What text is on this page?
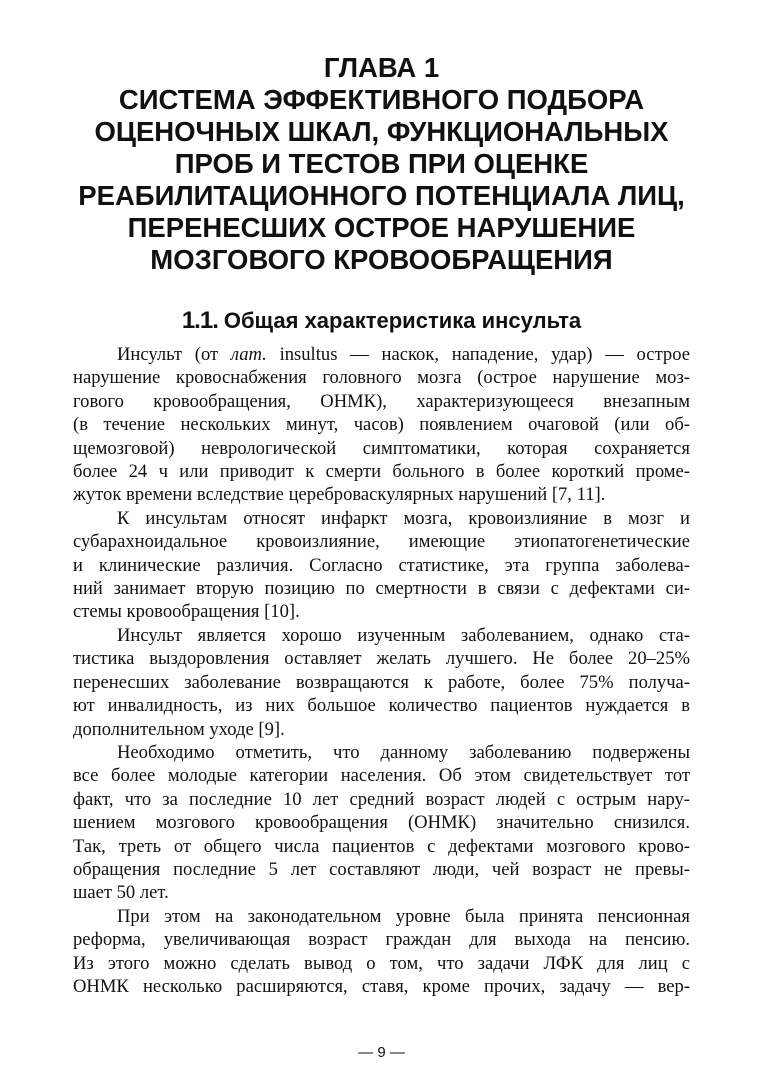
ГЛАВА 1
СИСТЕМА ЭФФЕКТИВНОГО ПОДБОРА
ОЦЕНОЧНЫХ ШКАЛ, ФУНКЦИОНАЛЬНЫХ
ПРОБ И ТЕСТОВ ПРИ ОЦЕНКЕ
РЕАБИЛИТАЦИОННОГО ПОТЕНЦИАЛА ЛИЦ,
ПЕРЕНЕСШИХ ОСТРОЕ НАРУШЕНИЕ
МОЗГОВОГО КРОВООБРАЩЕНИЯ
1.1. Общая характеристика инсульта
Инсульт (от лат. insultus — наскок, нападение, удар) — острое
нарушение кровоснабжения головного мозга (острое нарушение моз-
гового кровообращения, ОНМК), характеризующееся внезапным
(в течение нескольких минут, часов) появлением очаговой (или об-
щемозговой) неврологической симптоматики, которая сохраняется
более 24 ч или приводит к смерти больного в более короткий проме-
жуток времени вследствие цереброваскулярных нарушений [7, 11].
К инсультам относят инфаркт мозга, кровоизлияние в мозг и
субарахноидальное кровоизлияние, имеющие этиопатогенетические
и клинические различия. Согласно статистике, эта группа заболева-
ний занимает вторую позицию по смертности в связи с дефектами си-
стемы кровообращения [10].
Инсульт является хорошо изученным заболеванием, однако ста-
тистика выздоровления оставляет желать лучшего. Не более 20–25%
перенесших заболевание возвращаются к работе, более 75% получа-
ют инвалидность, из них большое количество пациентов нуждается в
дополнительном уходе [9].
Необходимо отметить, что данному заболеванию подвержены
все более молодые категории населения. Об этом свидетельствует тот
факт, что за последние 10 лет средний возраст людей с острым нару-
шением мозгового кровообращения (ОНМК) значительно снизился.
Так, треть от общего числа пациентов с дефектами мозгового крово-
обращения последние 5 лет составляют люди, чей возраст не превы-
шает 50 лет.
При этом на законодательном уровне была принята пенсионная
реформа, увеличивающая возраст граждан для выхода на пенсию.
Из этого можно сделать вывод о том, что задачи ЛФК для лиц с
ОНМК несколько расширяются, ставя, кроме прочих, задачу — вер-
— 9 —
